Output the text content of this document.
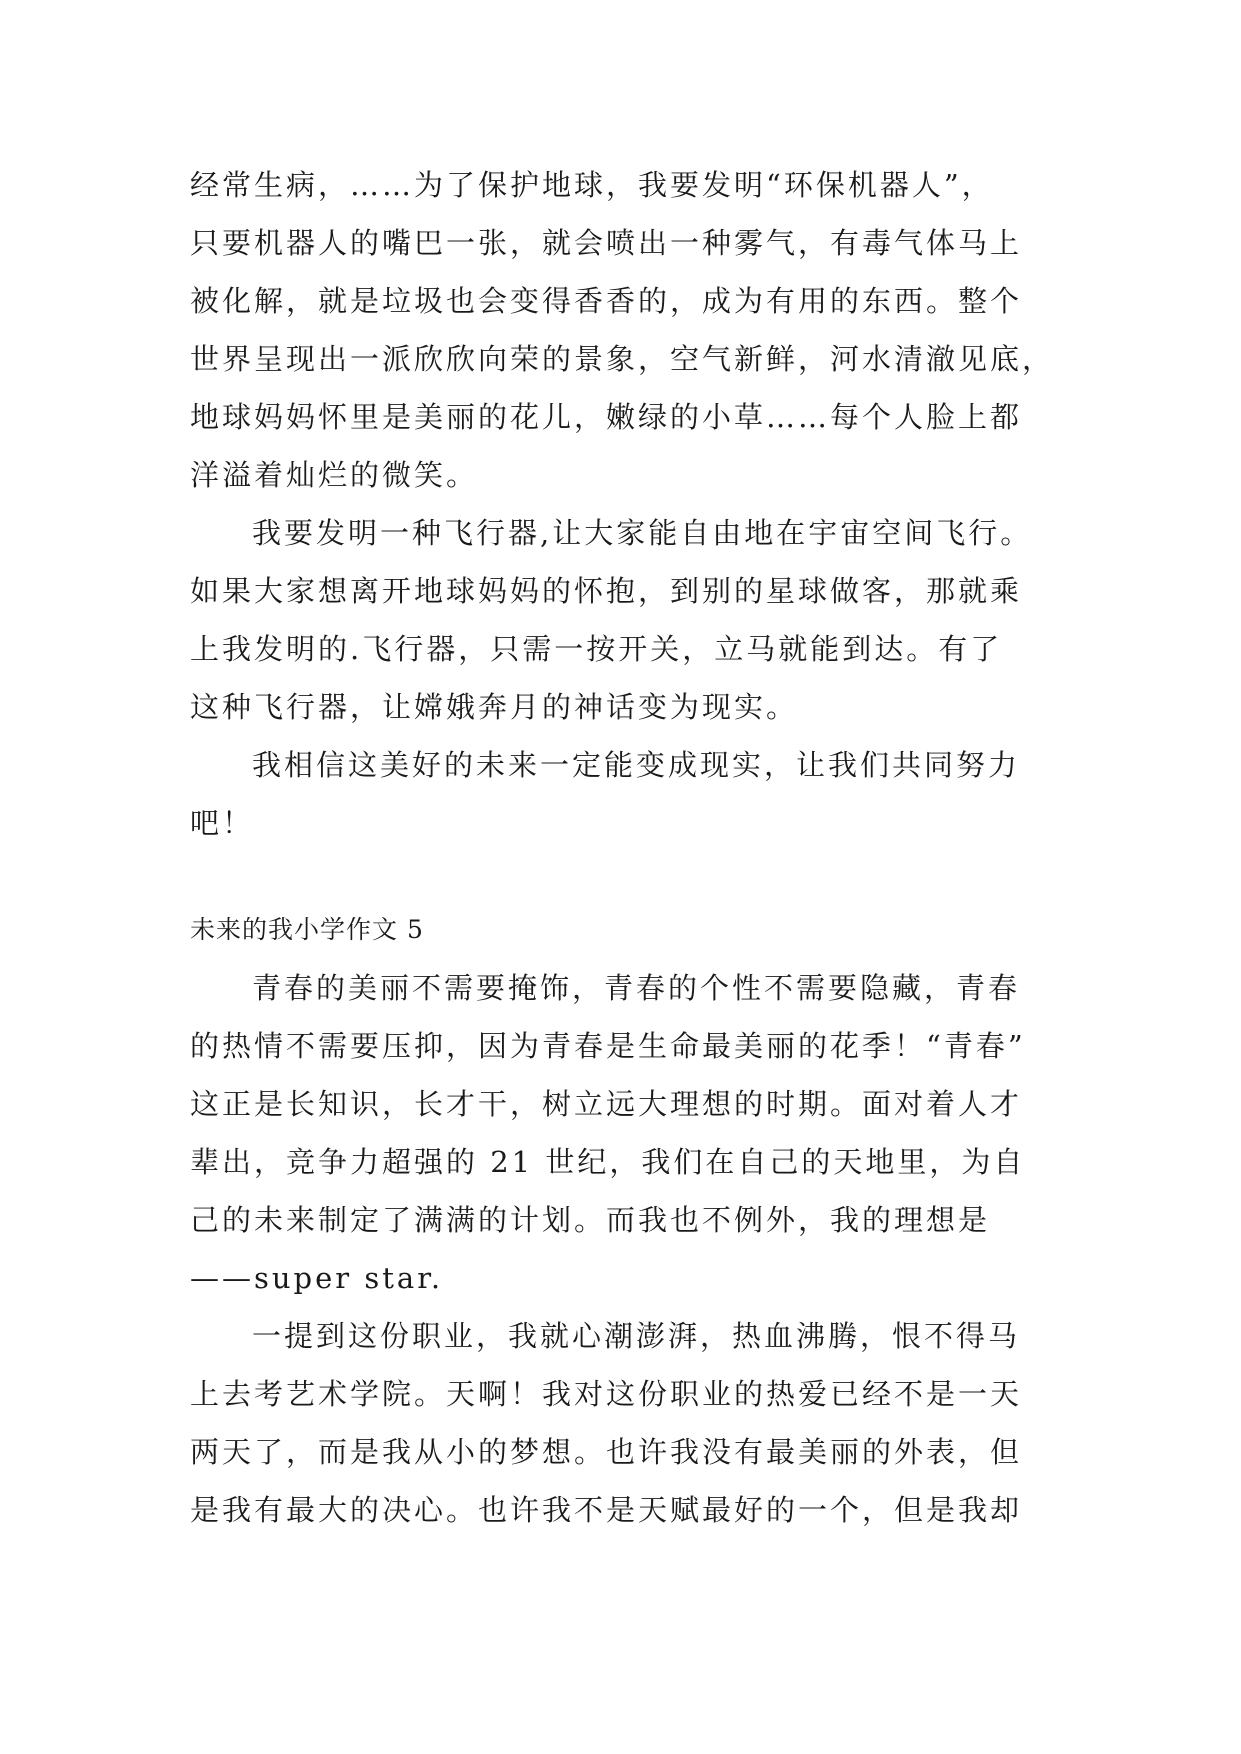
经常生病，……为了保护地球，我要发明“环保机器人”，
只要机器人的嘴巴一张，就会喷出一种雾气，有毒气体马上
被化解，就是垃圾也会变得香香的，成为有用的东西。整个
世界呈现出一派欣欣向荣的景象，空气新鲜，河水清澈见底，
地球妈妈怀里是美丽的花儿，嫩绿的小草……每个人脸上都
洋溢着灿烂的微笑。
我要发明一种飞行器,让大家能自由地在宇宙空间飞行。
如果大家想离开地球妈妈的怀抱，到别的星球做客，那就乘
上我发明的.飞行器，只需一按开关，立马就能到达。有了
这种飞行器，让嫦娥奔月的神话变为现实。
我相信这美好的未来一定能变成现实，让我们共同努力
吧！
未来的我小学作文 5
青春的美丽不需要掩饰，青春的个性不需要隐藏，青春
的热情不需要压抑，因为青春是生命最美丽的花季！“青春”
这正是长知识，长才干，树立远大理想的时期。面对着人才
辈出，竞争力超强的 21 世纪，我们在自己的天地里，为自
己的未来制定了满满的计划。而我也不例外，我的理想是
——super star.
一提到这份职业，我就心潮澎湃，热血沸腾，恨不得马
上去考艺术学院。天啊！我对这份职业的热爱已经不是一天
两天了，而是我从小的梦想。也许我没有最美丽的外表，但
是我有最大的决心。也许我不是天赋最好的一个，但是我却
